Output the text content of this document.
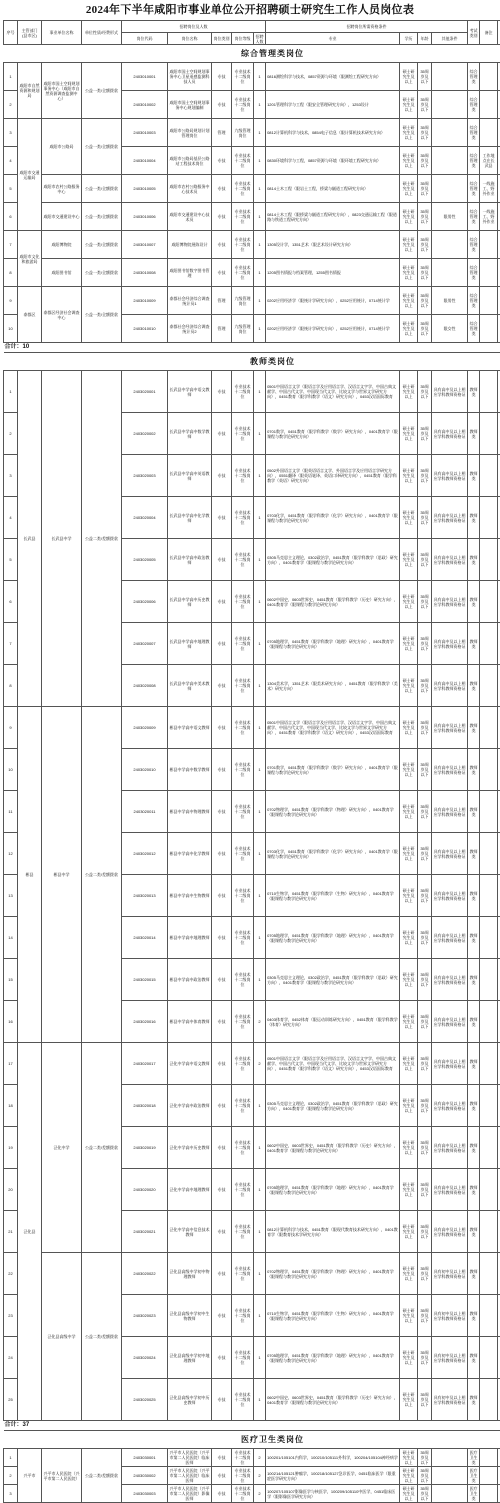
2024年下半年咸阳市事业单位公开招聘硕士研究生工作人员岗位表
序号	主管部门(县市区)	事业单位名称	单位性质/经费形式	招聘岗位及人数					招聘岗位所需资格条件				考试类别	备注	
				岗位代码	岗位名称	岗位类别	岗位等级	招聘人数	专业	学历	年龄	其他条件			
综合管理类岗位															
1	咸阳市自然资源和规划局	咸阳市国土空间规划事务中心（咸阳市自然资源调查监测中心）	公益一类/全额拨款	2403010001	咸阳市国土空间规划事务中心卫星遥感监测科技人员	专技	专业技术十二级岗位	1	0816测绘科学与技术，0857资源与环境（限测绘工程研究方向）	硕士研究生及以上	35周岁及以下		综合管理类		
2				2403010002	咸阳市国土空间规划事务中心规划编制	专技	专业技术十二级岗位	1	1201管理科学与工程（限安全管理研究方向），1253设计	硕士研究生及以上	35周岁及以下		综合管理类		
3	咸阳市交通运输局	咸阳市公路局	公益一类/全额拨款	2403010003	咸阳市公路局规划计划管理岗位	管理	九级管理岗位	1	0812计算机科学与技术，0854电子信息（限计算机技术研究方向）	硕士研究生及以上	35周岁及以下		综合管理类		
4				2403010004	咸阳市公路局基层公路站工程技术岗位	专技	专业技术十二级岗位	1	0830环境科学与工程，0857资源与环境（限环境工程研究方向）	硕士研究生及以上	35周岁及以下		综合管理类	工作地点在长武县	
5		咸阳市农村公路服务中心	公益一类/全额拨款	2403010005	咸阳市农村公路服务中心技术员	专技	专业技术十二级岗位	1	0814土木工程（限岩土工程，桥梁与隧道工程研究方向）	硕士研究生及以上	35周岁及以下		综合管理类	一线施工、野外作业	
6		咸阳市交通建设中心	公益一类/全额拨款	2403010006	咸阳市交通建设中心技术员	专技	专业技术十二级岗位	1	0814土木工程（限桥梁与隧道工程研究方向），0823交通运输工程（限道路与铁道工程研究方向）	硕士研究生及以上	35周岁及以下	限男性	综合管理类	一线施工、野外作业	
7	咸阳市文化和旅游局	咸阳博物院	公益一类/全额拨款	2403010007	咸阳博物院展陈设计	专技	专业技术十二级岗位	1	1305设计学，1351艺术（限艺术设计研究方向）	硕士研究生及以上	35周岁及以下		综合管理类		
8		咸阳图书馆	公益一类/全额拨款	2403010008	咸阳图书馆数字图书管理	专技	专业技术十二级岗位	1	1205图书情报与档案管理，1255图书情报	硕士研究生及以上	35周岁及以下		综合管理类		
9	泰都区	泰都区经济社会调查中心	公益一类/全额拨款	2403010009	泰都社会经济综合调查统计员1	管理	九级管理岗位	1	0202应用经济学（限统计学研究方向），0252应用统计，0714统计学	硕士研究生及以上	35周岁及以下	限男性	综合管理类		
10				2403010010	泰都社会经济综合调查统计员2	管理	九级管理岗位	1	0202应用经济学（限统计学研究方向），0252应用统计，0714统计学	硕士研究生及以上	35周岁及以下	限女性	综合管理类		
合计：10															
教师类岗位															
1	长武县	长武县中学	公益二类/差额拨款	2403020001	长武县中学高中语文教师	专技	专业技术十二级岗位	1	0501中国语言文学（限语言学及应用语言学、汉语言文字学、中国古典文献学、中国古代文学、中国现当代文学、比较文学与世界文学研究方向），0451教育（限学科教学（语文）研究方向），0453汉语国际教育	硕士研究生及以上	35周岁及以下	具有高中及以上相应学科教师资格证	教师类		
2				2403020002	长武县中学高中数学教师	专技	专业技术十二级岗位	1	0701数学，0451教育（限学科教学（数学）研究方向），0401教育学（限课程与教学论研究方向）	硕士研究生及以上	35周岁及以下	具有高中及以上相应学科教师资格证	教师类		
3				2403020003	长武县中学高中英语教师	专技	专业技术十二级岗位	1	0502外国语言文学（限英语语言文学、外国语言学及应用语言学研究方向），0551翻译（限英语笔译、英语口译研究方向），0451教育（限学科教学（英语）研究方向）	硕士研究生及以上	35周岁及以下	具有高中及以上相应学科教师资格证	教师类		
4				2403020004	长武县中学高中化学教师	专技	专业技术十二级岗位	1	0703化学，0451教育（限学科教学（化学）研究方向），0401教育学（限课程与教学论研究方向）	硕士研究生及以上	35周岁及以下	具有高中及以上相应学科教师资格证	教师类		
5				2403020005	长武县中学高中政治教师	专技	专业技术十二级岗位	1	0305马克思主义理论，0302政治学，0451教育（限学科教学（思政）研究方向），0401教育学（限课程与教学论研究方向）	硕士研究生及以上	35周岁及以下	具有高中及以上相应学科教师资格证	教师类		
6				2403020006	长武县中学高中历史教师	专技	专业技术十二级岗位	1	0602中国史，0603世界史，0451教育（限学科教学（历史）研究方向），0401教育学（限课程与教学论研究方向）	硕士研究生及以上	35周岁及以下	具有高中及以上相应学科教师资格证	教师类		
7				2403020007	长武县中学高中地理教师	专技	专业技术十二级岗位	1	0705地理学，0451教育（限学科教学（地理）研究方向），0401教育学（限课程与教学论研究方向）	硕士研究生及以上	35周岁及以下	具有高中及以上相应学科教师资格证	教师类		
8				2403020008	长武县中学高中美术教师	专技	专业技术十二级岗位	1	1304美术学，1351艺术（限美术研究方向），0451教育（限学科教学（美术）研究方向）	硕士研究生及以上	35周岁及以下	具有高中及以上相应学科教师资格证	教师类		
9	彬县	彬县中学	公益二类/差额拨款	2403020009	彬县中学高中语文教师	专技	专业技术十二级岗位	1	0501中国语言文学（限语言学及应用语言学、汉语言文字学、中国古典文献学、中国古代文学、中国现当代文学、比较文学与世界文学研究方向），0451教育（限学科教学（语文）研究方向），0453汉语国际教育	硕士研究生及以上	35周岁及以下	具有高中及以上相应学科教师资格证	教师类		
10				2403020010	彬县中学高中数学教师	专技	专业技术十二级岗位	1	0701数学，0451教育（限学科教学（数学）研究方向），0401教育学（限课程与教学论研究方向）	硕士研究生及以上	35周岁及以下	具有高中及以上相应学科教师资格证	教师类		
11				2403020011	彬县中学高中物理教师	专技	专业技术十二级岗位	1	0702物理学，0451教育（限学科教学（物理）研究方向），0401教育学（限课程与教学论研究方向）	硕士研究生及以上	35周岁及以下	具有高中及以上相应学科教师资格证	教师类		
12				2403020012	彬县中学高中化学教师	专技	专业技术十二级岗位	1	0703化学，0451教育（限学科教学（化学）研究方向），0401教育学（限课程与教学论研究方向）	硕士研究生及以上	35周岁及以下	具有高中及以上相应学科教师资格证	教师类		
13				2403020013	彬县中学高中生物教师	专技	专业技术十二级岗位	1	0710生物学，0451教育（限学科教学（生物）研究方向），0401教育学（限课程与教学论研究方向）	硕士研究生及以上	35周岁及以下	具有高中及以上相应学科教师资格证	教师类		
14				2403020014	彬县中学高中地理教师	专技	专业技术十二级岗位	1	0705地理学，0451教育（限学科教学（地理）研究方向），0401教育学（限课程与教学论研究方向）	硕士研究生及以上	35周岁及以下	具有高中及以上相应学科教师资格证	教师类		
15				2403020015	彬县中学高中政治教师	专技	专业技术十二级岗位	1	0305马克思主义理论，0302政治学，0451教育（限学科教学（思政）研究方向），0401教育学（限课程与教学论研究方向）	硕士研究生及以上	35周岁及以下	具有高中及以上相应学科教师资格证	教师类		
16				2403020016	彬县中学高中体育教师	专技	专业技术十二级岗位	2	0403体育学，0452体育（限运动训练研究方向），0451教育（限学科教学（体育）研究方向）	硕士研究生及以上	35周岁及以下	具有高中及以上相应学科教师资格证	教师类		
17	泾化县	泾化中学	公益二类/差额拨款	2403020017	泾化中学高中语文教师	专技	专业技术十二级岗位	2	0501中国语言文学（限语言学及应用语言学、汉语言文字学、中国古典文献学、中国古代文学、中国现当代文学、比较文学与世界文学研究方向），0451教育（限学科教学（语文）研究方向），0453汉语国际教育	硕士研究生及以上	35周岁及以下	具有高中及以上相应学科教师资格证	教师类		
18				2403020018	泾化中学高中政治教师	专技	专业技术十二级岗位	1	0305马克思主义理论，0302政治学，0451教育（限学科教学（思政）研究方向），0401教育学（限课程与教学论研究方向）	硕士研究生及以上	35周岁及以下	具有高中及以上相应学科教师资格证	教师类		
19				2403020019	泾化中学高中历史教师	专技	专业技术十二级岗位	1	0602中国史，0603世界史，0451教育（限学科教学（历史）研究方向），0401教育学（限课程与教学论研究方向）	硕士研究生及以上	35周岁及以下	具有高中及以上相应学科教师资格证	教师类		
20				2403020020	泾化中学高中地理教师	专技	专业技术十二级岗位	1	0705地理学，0451教育（限学科教学（地理）研究方向），0401教育学（限课程与教学论研究方向）	硕士研究生及以上	35周岁及以下	具有高中及以上相应学科教师资格证	教师类		
21				2403020021	泾化中学高中信息技术教师	专技	专业技术十二级岗位	1	0812计算机科学与技术，0451教育（限现代教育技术研究方向），0401教育学（限教育技术学研究方向）	硕士研究生及以上	35周岁及以下	具有高中及以上相应学科教师资格证	教师类		
22		泾化县高级中学	公益二类/差额拨款	2403020022	泾化县高级中学初中物理教师	专技	专业技术十二级岗位	1	0702物理学，0451教育（限学科教学（物理）研究方向），0401教育学（限课程与教学论研究方向）	硕士研究生及以上	35周岁及以下	具有初中及以上相应学科教师资格证	教师类		
23				2403020023	泾化县高级中学初中生物教师	专技	专业技术十二级岗位	1	0710生物学，0451教育（限学科教学（生物）研究方向），0401教育学（限课程与教学论研究方向）	硕士研究生及以上	35周岁及以下	具有初中及以上相应学科教师资格证	教师类		
24				2403020024	泾化县高级中学初中地理教师	专技	专业技术十二级岗位	1	0705地理学，0451教育（限学科教学（地理）研究方向），0401教育学（限课程与教学论研究方向）	硕士研究生及以上	35周岁及以下	具有初中及以上相应学科教师资格证	教师类		
25				2403020025	泾化县高级中学初中历史教师	专技	专业技术十二级岗位	1	0602中国史，0603世界史，0451教育（限学科教学（历史）研究方向），0401教育学（限课程与教学论研究方向）	硕士研究生及以上	35周岁及以下	具有初中及以上相应学科教师资格证	教师类		
合计：37															
医疗卫生类岗位															
1	兴平市	兴平市人民医院（兴平市第二人民医院）	公益二类/差额拨款	2403030001	兴平市人民医院（兴平市第二人民医院）临床医师	专技	专业技术十二级岗位	2	100201/105101内科学，100210/105111外科学，100204/105104神经病学	硕士研究生及以上	35周岁及以下		医疗卫生类		
2				2403030002	兴平市人民医院（兴平市第二人民医院）临床医师	专技	专业技术十二级岗位	2	100214/105121肿瘤学，100218/105127急诊医学，0451临床医学（限重症医学研究方向）	硕士研究生及以上	35周岁及以下		医疗卫生类		
3				2403030003	兴平市人民医院（兴平市第二人民医院）影像医师	专技	专业技术十二级岗位	2	100207/105107影像医学与核医学，100209/105110中医学，0451临床医学（限影像医学研究方向）	硕士研究生及以上	35周岁及以下		医疗卫生类		
